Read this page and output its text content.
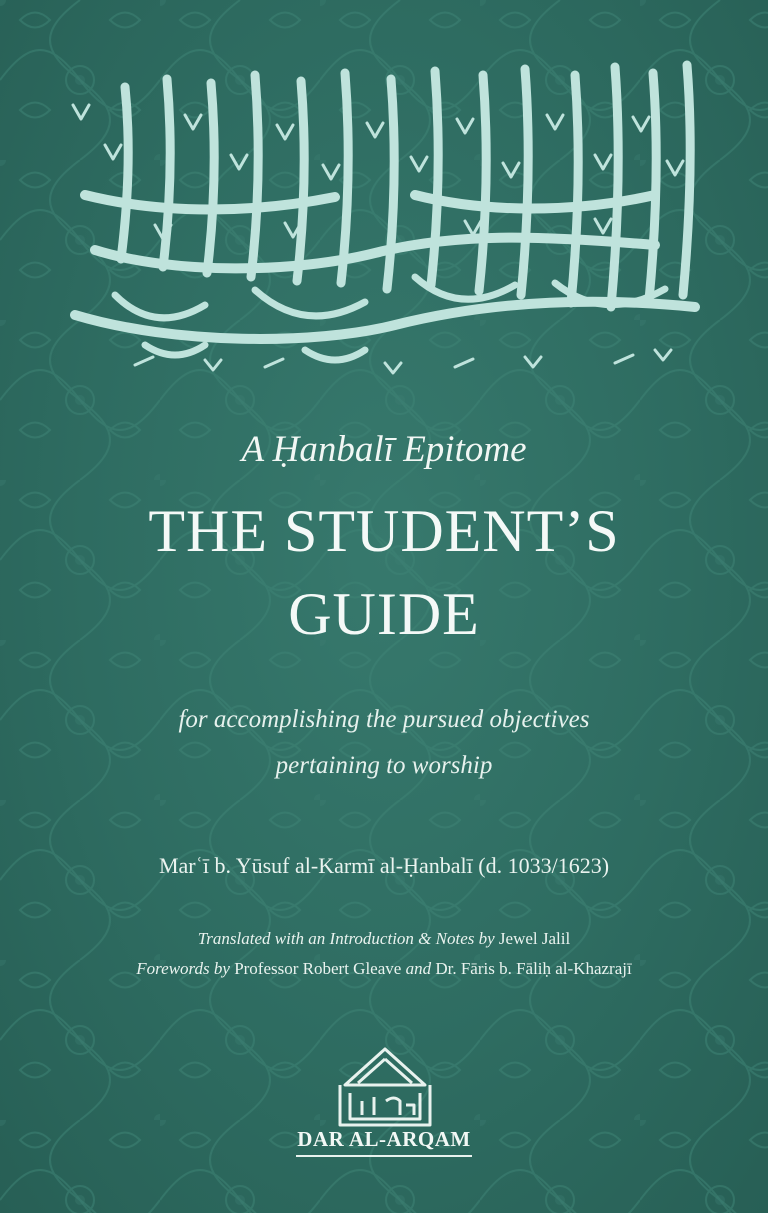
A Ḥanbalī Epitome
THE STUDENT’S
GUIDE
for accomplishing the pursued objectives
pertaining to worship
Marʿī b. Yūsuf al-Karmī al-Ḥanbalī (d. 1033/1623)
Translated with an Introduction & Notes by Jewel Jalil
Forewords by Professor Robert Gleave and Dr. Fāris b. Fāliḥ al-Khazrajī
DAR AL-ARQAM
